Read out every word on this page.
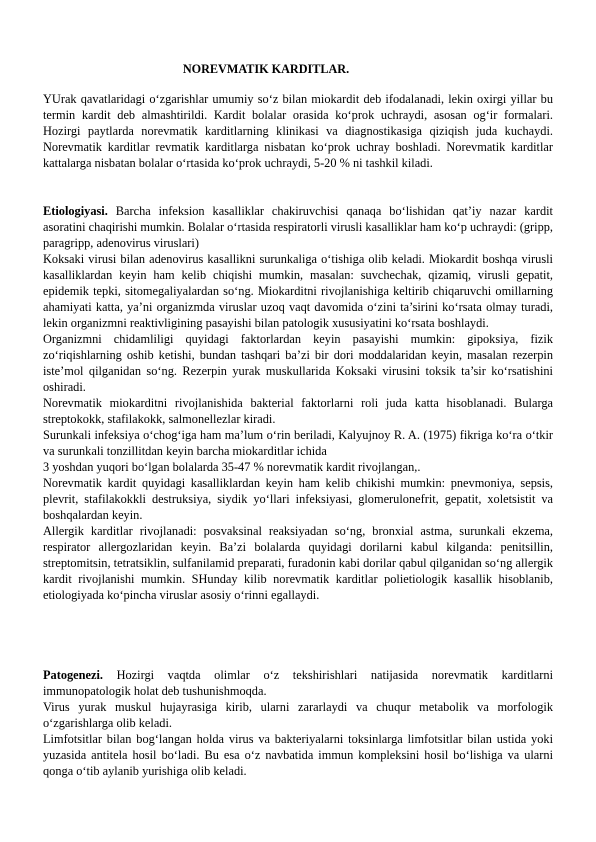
NOREVMATIK KARDITLAR.

YUrak qavatlaridagi o‘zgarishlar umumiy so‘z bilan miokardit deb ifodalanadi, lekin oxirgi yillar bu termin kardit deb almashtirildi. Kardit bolalar orasida ko‘prok uchraydi, asosan og‘ir formalari. Hozirgi paytlarda norevmatik karditlarning klinikasi va diagnostikasiga qiziqish juda kuchaydi. Norevmatik karditlar revmatik karditlarga nisbatan ko‘prok uchray boshladi. Norevmatik karditlar kattalarga nisbatan bolalar o‘rtasida ko‘prok uchraydi, 5-20 % ni tashkil kiladi.

Etiologiyasi. Barcha infeksion kasalliklar chakiruvchisi qanaqa bo‘lishidan qat’iy nazar kardit asoratini chaqirishi mumkin. Bolalar o‘rtasida respiratorli virusli kasalliklar ham ko‘p uchraydi: (gripp, paragripp, adenovirus viruslari)

Koksaki virusi bilan adenovirus kasallikni surunkaliga o‘tishiga olib keladi. Miokardit boshqa virusli kasalliklardan keyin ham kelib chiqishi mumkin, masalan: suvchechak, qizamiq, virusli gepatit, epidemik tepki, sitomegaliyalardan so‘ng. Miokarditni rivojlanishiga keltirib chiqaruvchi omillarning ahamiyati katta, ya’ni organizmda viruslar uzoq vaqt davomida o‘zini ta’sirini ko‘rsata olmay turadi, lekin organizmni reaktivligining pasayishi bilan patologik xususiyatini ko‘rsata boshlaydi.

Organizmni chidamliligi quyidagi faktorlardan keyin pasayishi mumkin: gipoksiya, fizik zo‘riqishlarning oshib ketishi, bundan tashqari ba’zi bir dori moddalaridan keyin, masalan rezerpin iste’mol qilganidan so‘ng. Rezerpin yurak muskullarida Koksaki virusini toksik ta’sir ko‘rsatishini oshiradi.

Norevmatik miokarditni rivojlanishida bakterial faktorlarni roli juda katta hisoblanadi. Bularga streptokokk, stafilakokk, salmonellezlar kiradi.

Surunkali infeksiya o‘chog‘iga ham ma’lum o‘rin beriladi, Kalyujnoy R. A. (1975) fikriga ko‘ra o‘tkir va surunkali tonzillitdan keyin barcha miokarditlar ichida

3 yoshdan yuqori bo‘lgan bolalarda 35-47 % norevmatik kardit rivojlangan,.

Norevmatik kardit quyidagi kasalliklardan keyin ham kelib chikishi mumkin: pnevmoniya, sepsis, plevrit, stafilakokkli destruksiya, siydik yo‘llari infeksiyasi, glomerulonefrit, gepatit, xoletsistit va boshqalardan keyin.

Allergik karditlar rivojlanadi: posvaksinal reaksiyadan so‘ng, bronxial astma, surunkali ekzema, respirator allergozlaridan keyin. Ba’zi bolalarda quyidagi dorilarni kabul kilganda: penitsillin, streptomitsin, tetratsiklin, sulfanilamid preparati, furadonin kabi dorilar qabul qilganidan so‘ng allergik kardit rivojlanishi mumkin. SHunday kilib norevmatik karditlar polietiologik kasallik hisoblanib, etiologiyada ko‘pincha viruslar asosiy o‘rinni egallaydi.

Patogenezi. Hozirgi vaqtda olimlar o‘z tekshirishlari natijasida norevmatik karditlarni immunopatologik holat deb tushunishmoqda.

Virus yurak muskul hujayrasiga kirib, ularni zararlaydi va chuqur metabolik va morfologik o‘zgarishlarga olib keladi.

Limfotsitlar bilan bog‘langan holda virus va bakteriyalarni toksinlarga limfotsitlar bilan ustida yoki yuzasida antitela hosil bo‘ladi. Bu esa o‘z navbatida immun kompleksini hosil bo‘lishiga va ularni qonga o‘tib aylanib yurishiga olib keladi.
